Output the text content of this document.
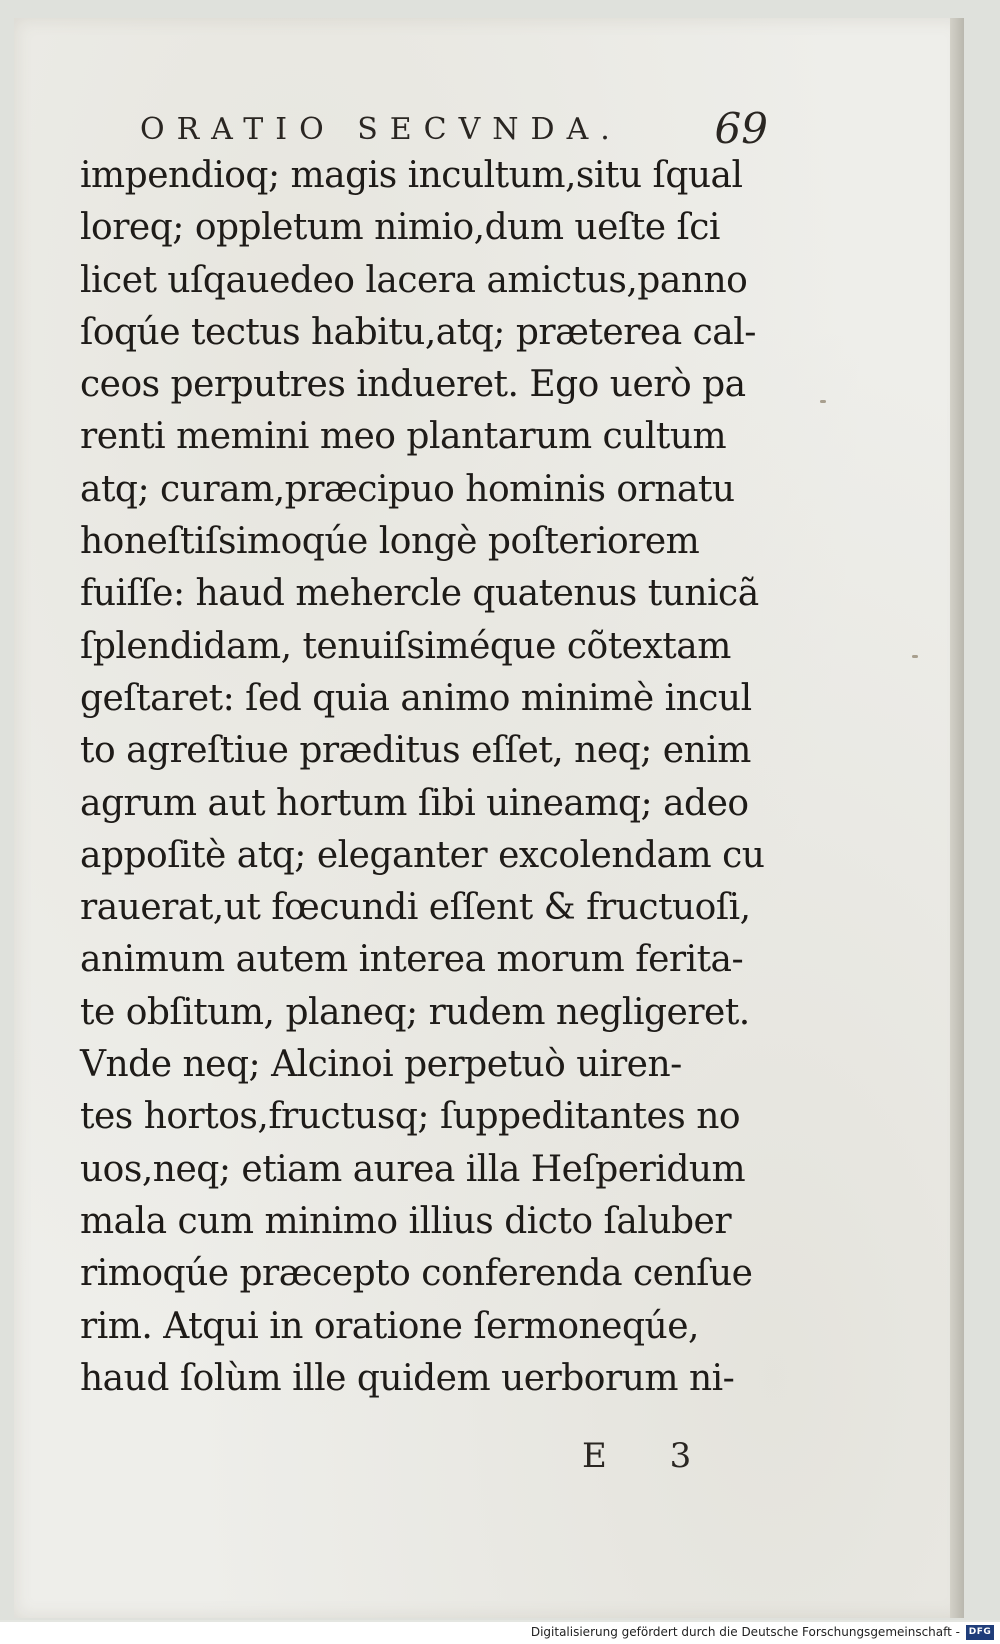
ORATIO SECVNDA. 69
impendioq; magis incultum,situ ſqual
loreq; oppletum nimio,dum ueſte ſci
licet uſqauedeo lacera amictus,panno
ſoqúe tectus habitu,atq; præterea cal-
ceos perputres indueret. Ego uerò pa
renti memini meo plantarum cultum
atq; curam,præcipuo hominis ornatu
honeſtiſsimoqúe longè poſteriorem
fuiſſe: haud mehercle quatenus tunicã
ſplendidam, tenuiſsiméque cõtextam
geſtaret: ſed quia animo minimè incul
to agreſtiue præditus eſſet, neq; enim
agrum aut hortum ſibi uineamq; adeo
appoſitè atq; eleganter excolendam cu
rauerat,ut fœcundi eſſent & fructuoſi,
animum autem interea morum ferita-
te obſitum, planeq; rudem negligeret.
Vnde neq; Alcinoi perpetuò uiren-
tes hortos,fructusq; ſuppeditantes no
uos,neq; etiam aurea illa Heſperidum
mala cum minimo illius dicto ſaluber
rimoqúe præcepto conferenda cenſue
rim. Atqui in oratione ſermoneqúe,
haud ſolùm ille quidem uerborum ni-
E 3
Digitalisierung gefördert durch die Deutsche Forschungsgemeinschaft - DFG
